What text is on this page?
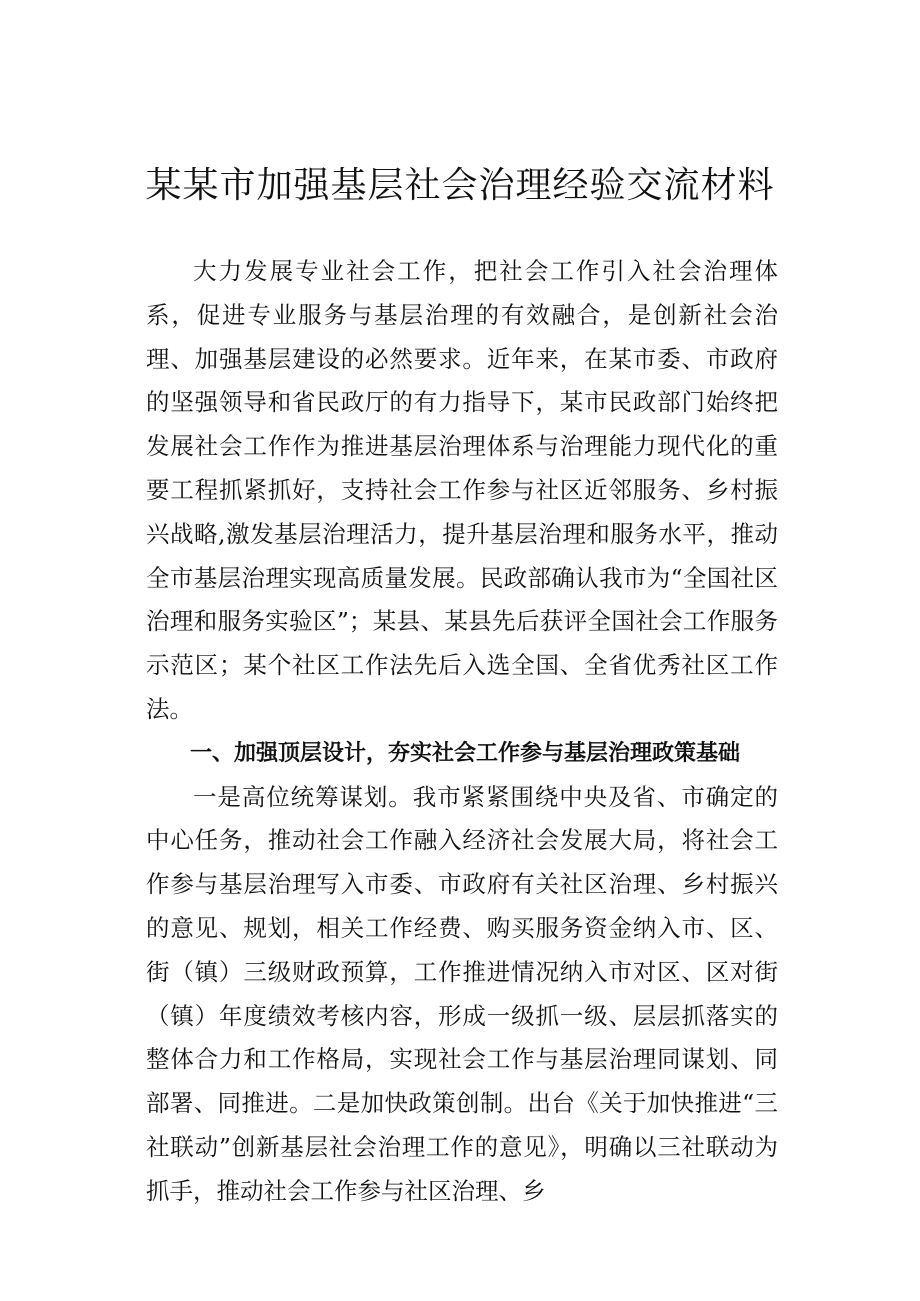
某某市加强基层社会治理经验交流材料

大力发展专业社会工作，把社会工作引入社会治理体系，促进专业服务与基层治理的有效融合，是创新社会治理、加强基层建设的必然要求。近年来，在某市委、市政府的坚强领导和省民政厅的有力指导下，某市民政部门始终把发展社会工作作为推进基层治理体系与治理能力现代化的重要工程抓紧抓好，支持社会工作参与社区近邻服务、乡村振兴战略,激发基层治理活力，提升基层治理和服务水平，推动全市基层治理实现高质量发展。民政部确认我市为“全国社区治理和服务实验区”；某县、某县先后获评全国社会工作服务示范区；某个社区工作法先后入选全国、全省优秀社区工作法。

一、加强顶层设计，夯实社会工作参与基层治理政策基础

一是高位统筹谋划。我市紧紧围绕中央及省、市确定的中心任务，推动社会工作融入经济社会发展大局，将社会工作参与基层治理写入市委、市政府有关社区治理、乡村振兴的意见、规划，相关工作经费、购买服务资金纳入市、区、街（镇）三级财政预算，工作推进情况纳入市对区、区对街（镇）年度绩效考核内容，形成一级抓一级、层层抓落实的整体合力和工作格局，实现社会工作与基层治理同谋划、同部署、同推进。二是加快政策创制。出台《关于加快推进“三社联动”创新基层社会治理工作的意见》，明确以三社联动为抓手，推动社会工作参与社区治理、乡
